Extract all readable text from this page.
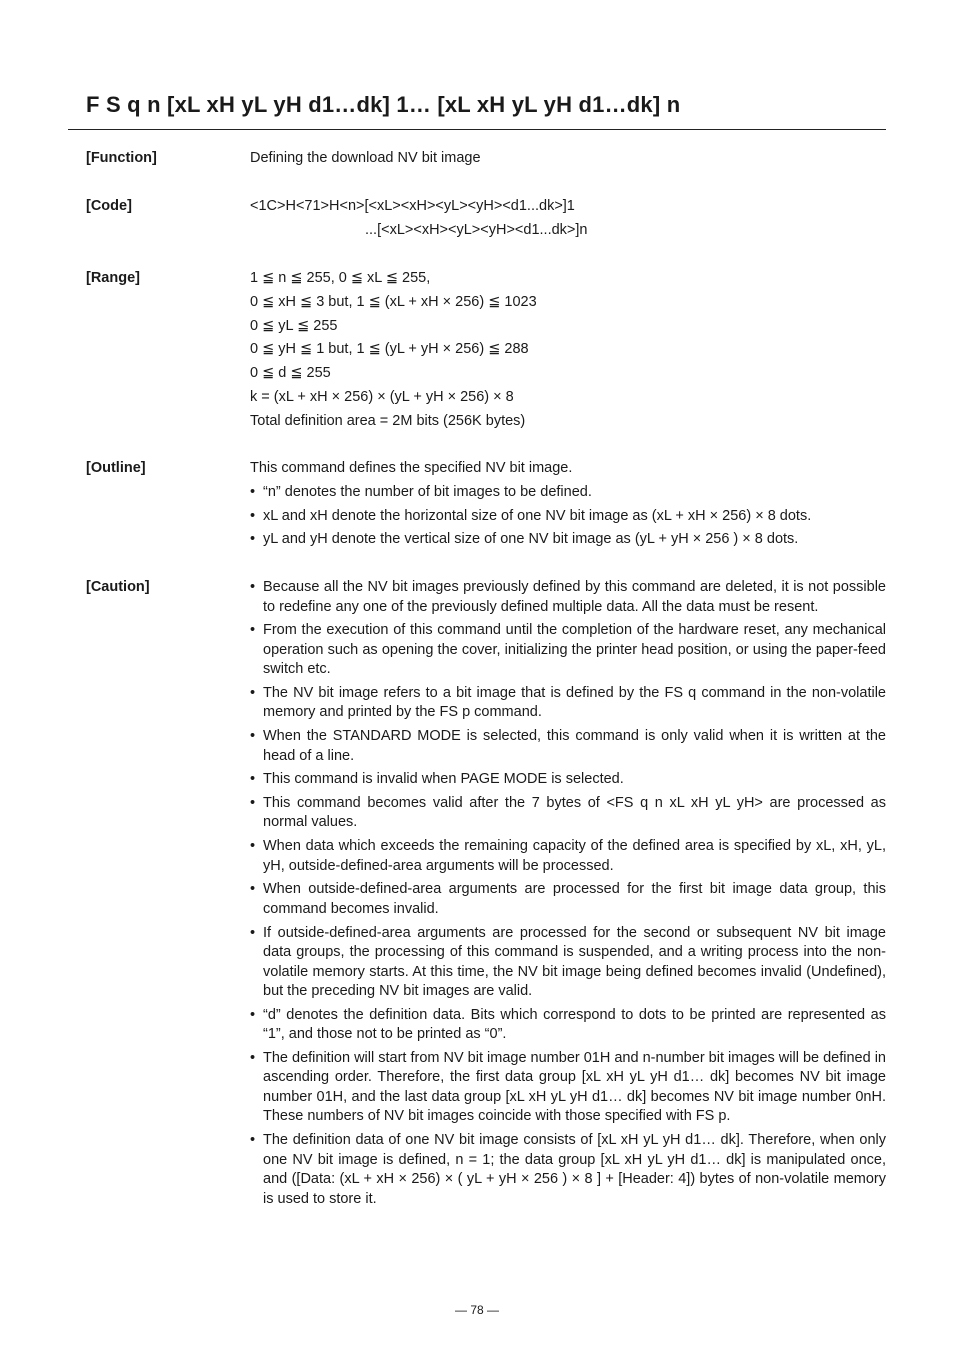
F S q n [xL xH yL yH d1…dk] 1… [xL xH yL yH d1…dk] n
[Function]	Defining the download NV bit image
[Code]	<1C>H<71>H<n>[<xL><xH><yL><yH><d1...dk>]1
...[<xL><xH><yL><yH><d1...dk>]n
[Range]	1 ≦ n ≦ 255, 0 ≦ xL ≦ 255,
0 ≦ xH ≦ 3 but, 1 ≦ (xL + xH × 256) ≦ 1023
0 ≦ yL ≦ 255
0 ≦ yH ≦ 1 but, 1 ≦ (yL + yH × 256) ≦ 288
0 ≦ d ≦ 255
k = (xL + xH × 256) × (yL + yH × 256) × 8
Total definition area = 2M bits (256K bytes)
[Outline]	This command defines the specified NV bit image.
• “n” denotes the number of bit images to be defined.
• xL and xH denote the horizontal size of one NV bit image as (xL + xH × 256) × 8 dots.
• yL and yH denote the vertical size of one NV bit image as (yL + yH × 256 ) × 8 dots.
[Caution]	• Because all the NV bit images previously defined by this command are deleted, it is not possible to redefine any one of the previously defined multiple data. All the data must be resent.
• From the execution of this command until the completion of the hardware reset, any mechanical operation such as opening the cover, initializing the printer head position, or using the paper-feed switch etc.
• The NV bit image refers to a bit image that is defined by the FS q command in the non-volatile memory and printed by the FS p command.
• When the STANDARD MODE is selected, this command is only valid when it is written at the head of a line.
• This command is invalid when PAGE MODE is selected.
• This command becomes valid after the 7 bytes of <FS q n xL xH yL yH> are processed as normal values.
• When data which exceeds the remaining capacity of the defined area is specified by xL, xH, yL, yH, outside-defined-area arguments will be processed.
• When outside-defined-area arguments are processed for the first bit image data group, this command becomes invalid.
• If outside-defined-area arguments are processed for the second or subsequent NV bit image data groups, the processing of this command is suspended, and a writing process into the non-volatile memory starts. At this time, the NV bit image being defined becomes invalid (Undefined), but the preceding NV bit images are valid.
• “d” denotes the definition data. Bits which correspond to dots to be printed are represented as “1”, and those not to be printed as “0”.
• The definition will start from NV bit image number 01H and n-number bit images will be defined in ascending order. Therefore, the first data group [xL xH yL yH d1… dk] becomes NV bit image number 01H, and the last data group [xL xH yL yH d1… dk] becomes NV bit image number 0nH. These numbers of NV bit images coincide with those specified with FS p.
• The definition data of one NV bit image consists of [xL xH yL yH d1… dk]. Therefore, when only one NV bit image is defined, n = 1; the data group [xL xH yL yH d1… dk] is manipulated once, and ([Data: (xL + xH × 256) × ( yL + yH × 256 ) × 8 ] + [Header: 4]) bytes of non-volatile memory is used to store it.
— 78 —
